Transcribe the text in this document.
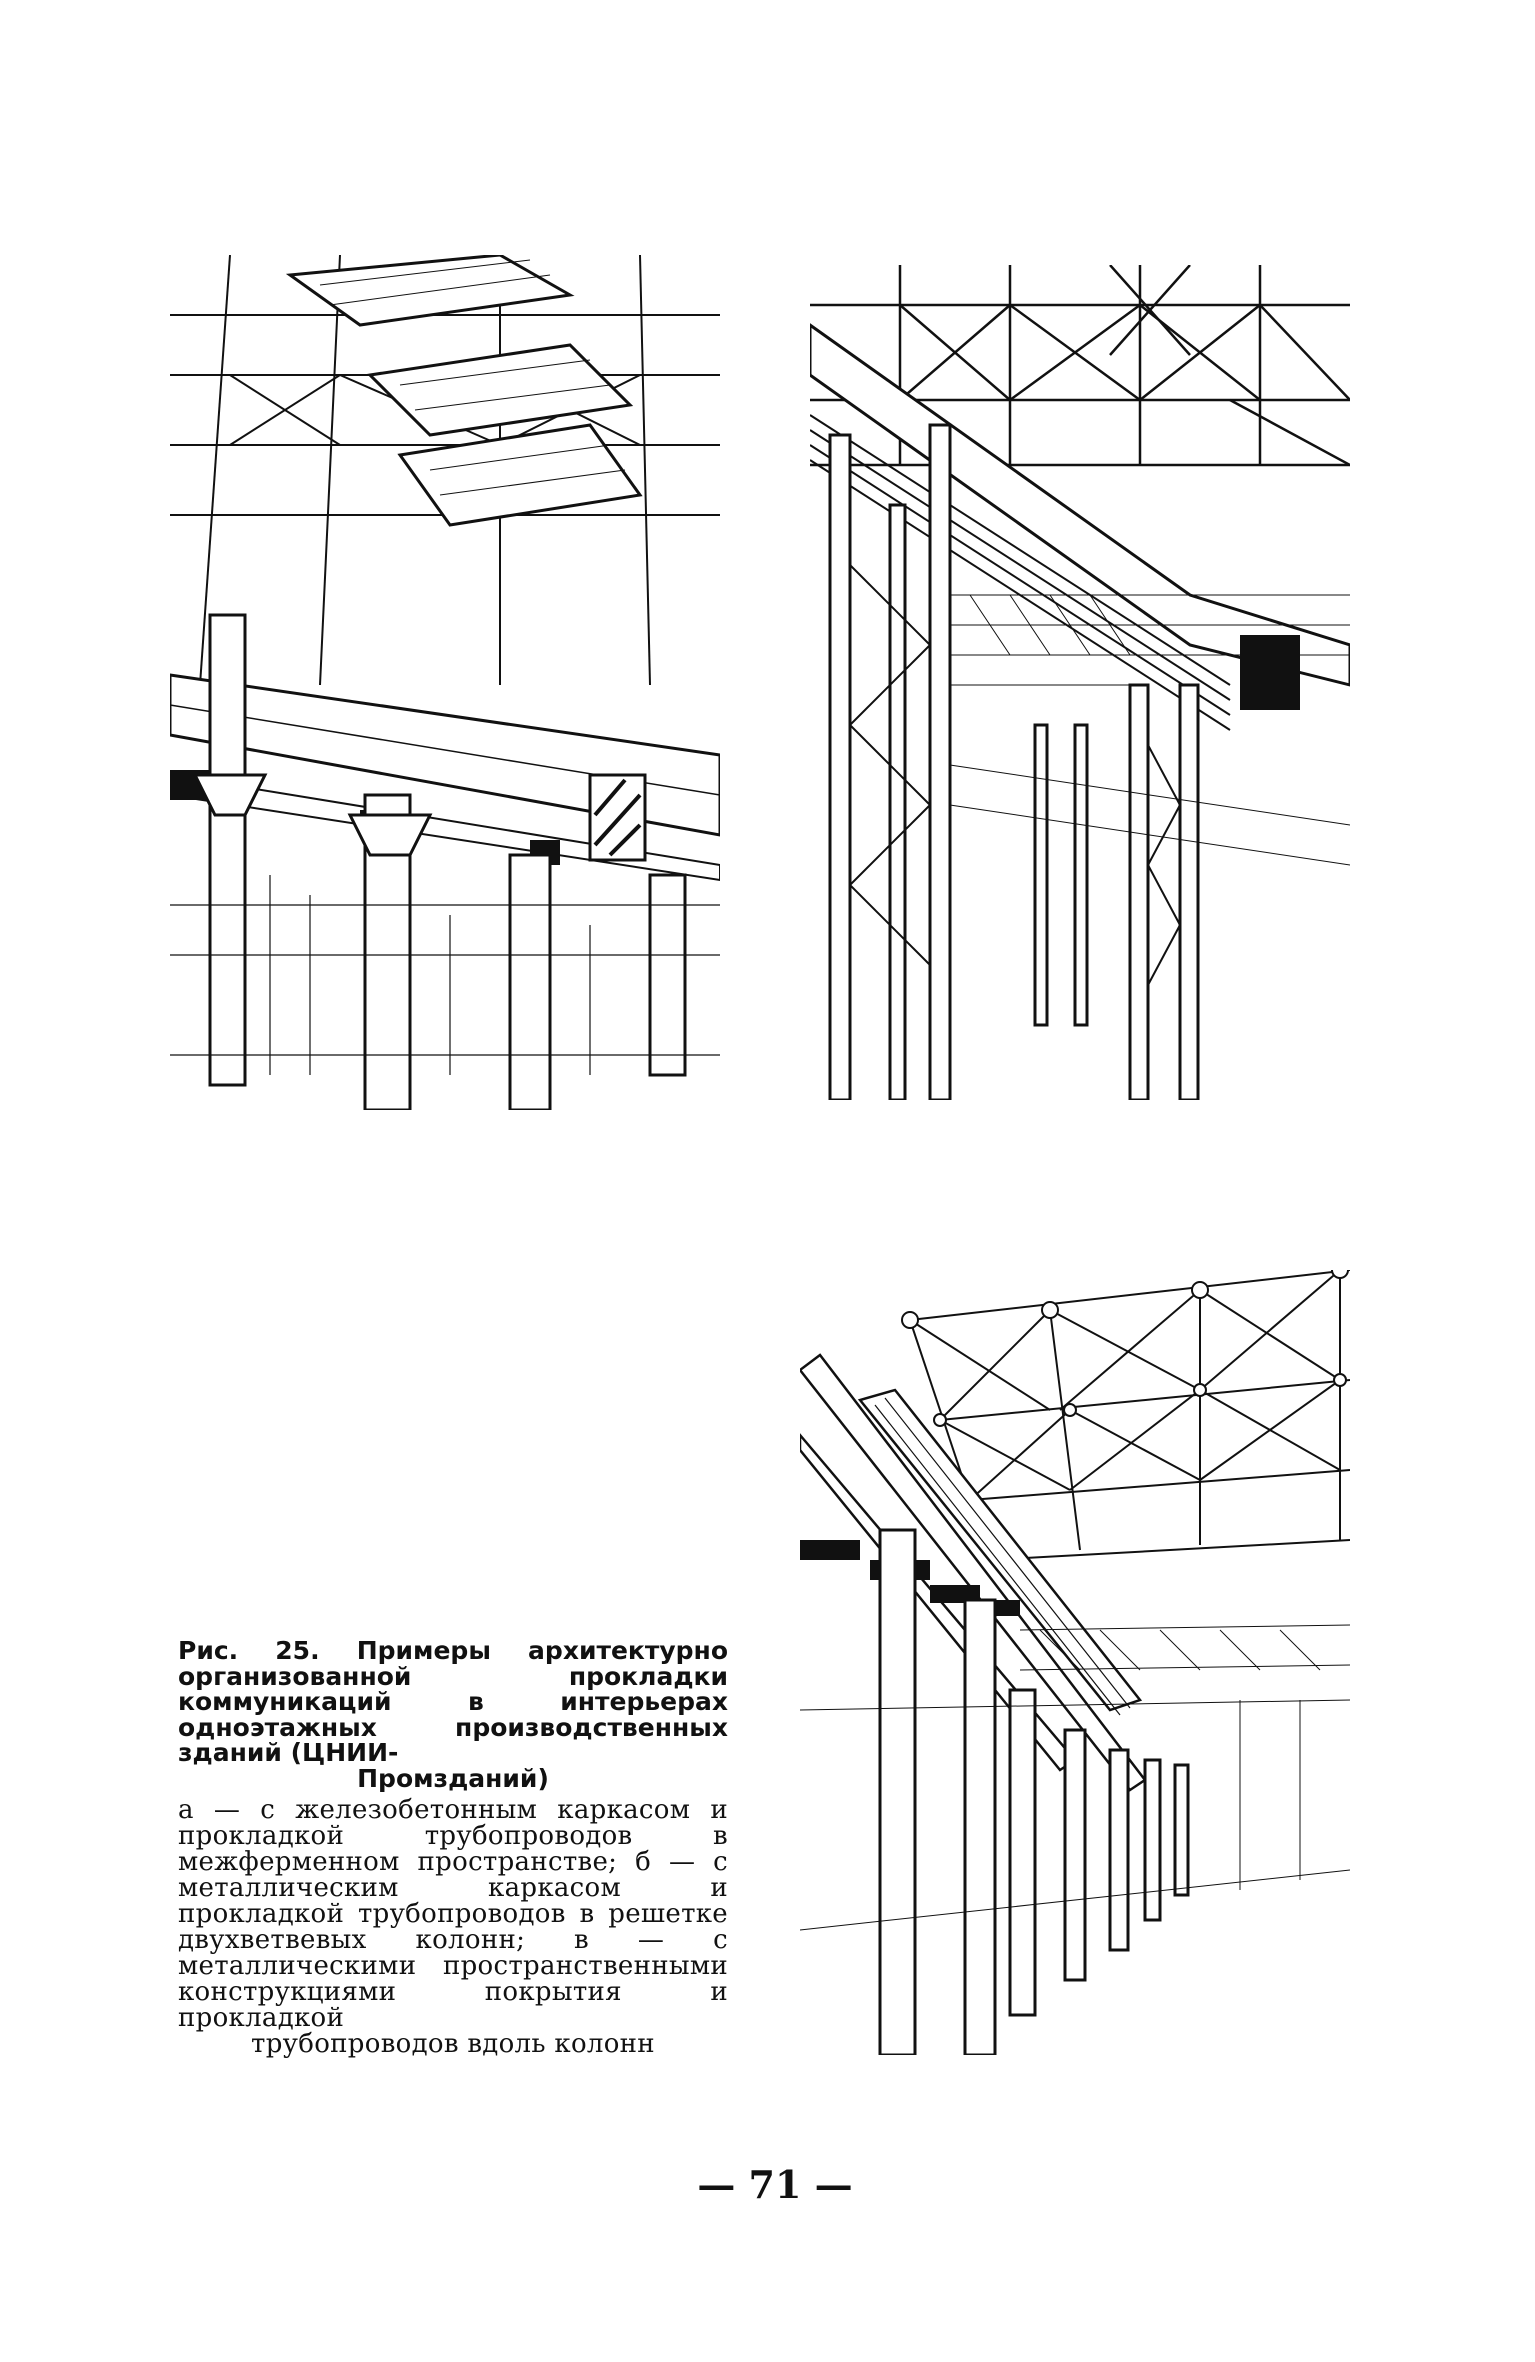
Рис. 25. Примеры архитектурно организованной прокладки коммуникаций в интерьерах одноэтажных производственных зданий (ЦНИИ-
Промзданий)
а — с железобетонным каркасом и прокладкой трубопроводов в межферменном пространстве; б — с металлическим каркасом и прокладкой трубопроводов в решетке двухветвевых колонн; в — с металлическими пространственными конструкциями покрытия и прокладкой
трубопроводов вдоль колонн
— 71 —
